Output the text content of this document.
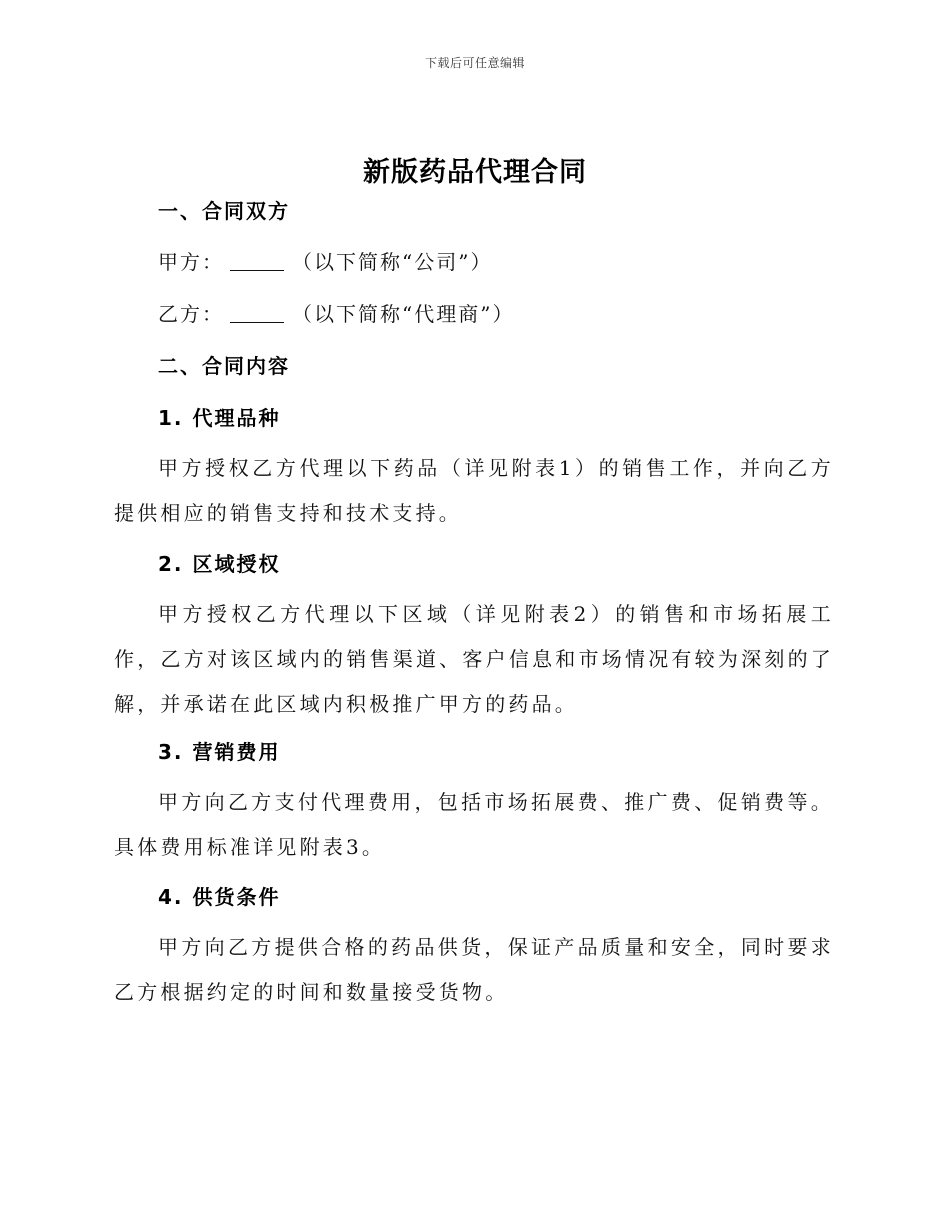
下载后可任意编辑
新版药品代理合同
一、合同双方
甲方：	（以下简称“公司”）
乙方：	（以下简称“代理商”）
二、合同内容
1. 代理品种

甲方授权乙方代理以下药品（详见附表1）的销售工作，并向乙方提供相应的销售支持和技术支持。

2. 区域授权

甲方授权乙方代理以下区域（详见附表2）的销售和市场拓展工作，乙方对该区域内的销售渠道、客户信息和市场情况有较为深刻的了解，并承诺在此区域内积极推广甲方的药品。

3. 营销费用

甲方向乙方支付代理费用，包括市场拓展费、推广费、促销费等。具体费用标准详见附表3。

4. 供货条件

甲方向乙方提供合格的药品供货，保证产品质量和安全，同时要求乙方根据约定的时间和数量接受货物。
